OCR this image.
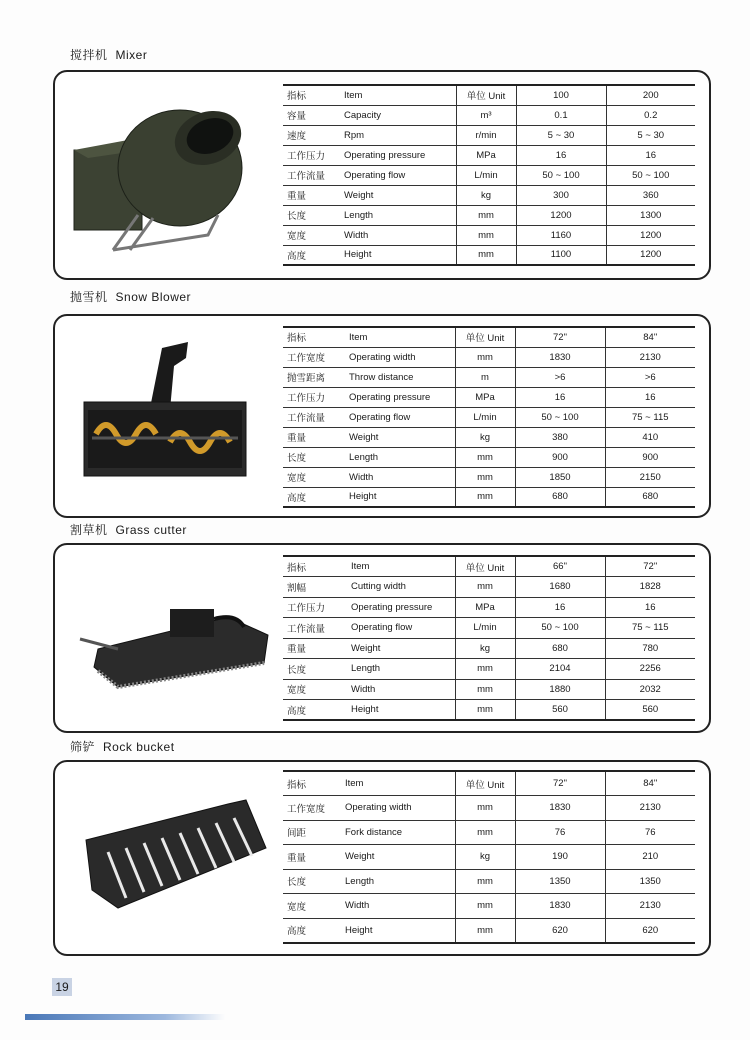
搅拌机 Mixer
指标	Item	单位 Unit	100	200
容量	Capacity	m³	0.1	0.2
速度	Rpm	r/min	5 ~ 30	5 ~ 30
工作压力	Operating pressure	MPa	16	16
工作流量	Operating flow	L/min	50 ~ 100	50 ~ 100
重量	Weight	kg	300	360
长度	Length	mm	1200	1300
宽度	Width	mm	1160	1200
高度	Height	mm	1100	1200
抛雪机 Snow Blower
指标	Item	单位 Unit	72"	84"
工作宽度	Operating width	mm	1830	2130
抛雪距离	Throw distance	m	>6	>6
工作压力	Operating pressure	MPa	16	16
工作流量	Operating flow	L/min	50 ~ 100	75 ~ 115
重量	Weight	kg	380	410
长度	Length	mm	900	900
宽度	Width	mm	1850	2150
高度	Height	mm	680	680
割草机 Grass cutter
指标	Item	单位 Unit	66"	72"
割幅	Cutting width	mm	1680	1828
工作压力	Operating pressure	MPa	16	16
工作流量	Operating flow	L/min	50 ~ 100	75 ~ 115
重量	Weight	kg	680	780
长度	Length	mm	2104	2256
宽度	Width	mm	1880	2032
高度	Height	mm	560	560
筛铲 Rock bucket
指标	Item	单位 Unit	72"	84"
工作宽度	Operating width	mm	1830	2130
间距	Fork distance	mm	76	76
重量	Weight	kg	190	210
长度	Length	mm	1350	1350
宽度	Width	mm	1830	2130
高度	Height	mm	620	620
19
